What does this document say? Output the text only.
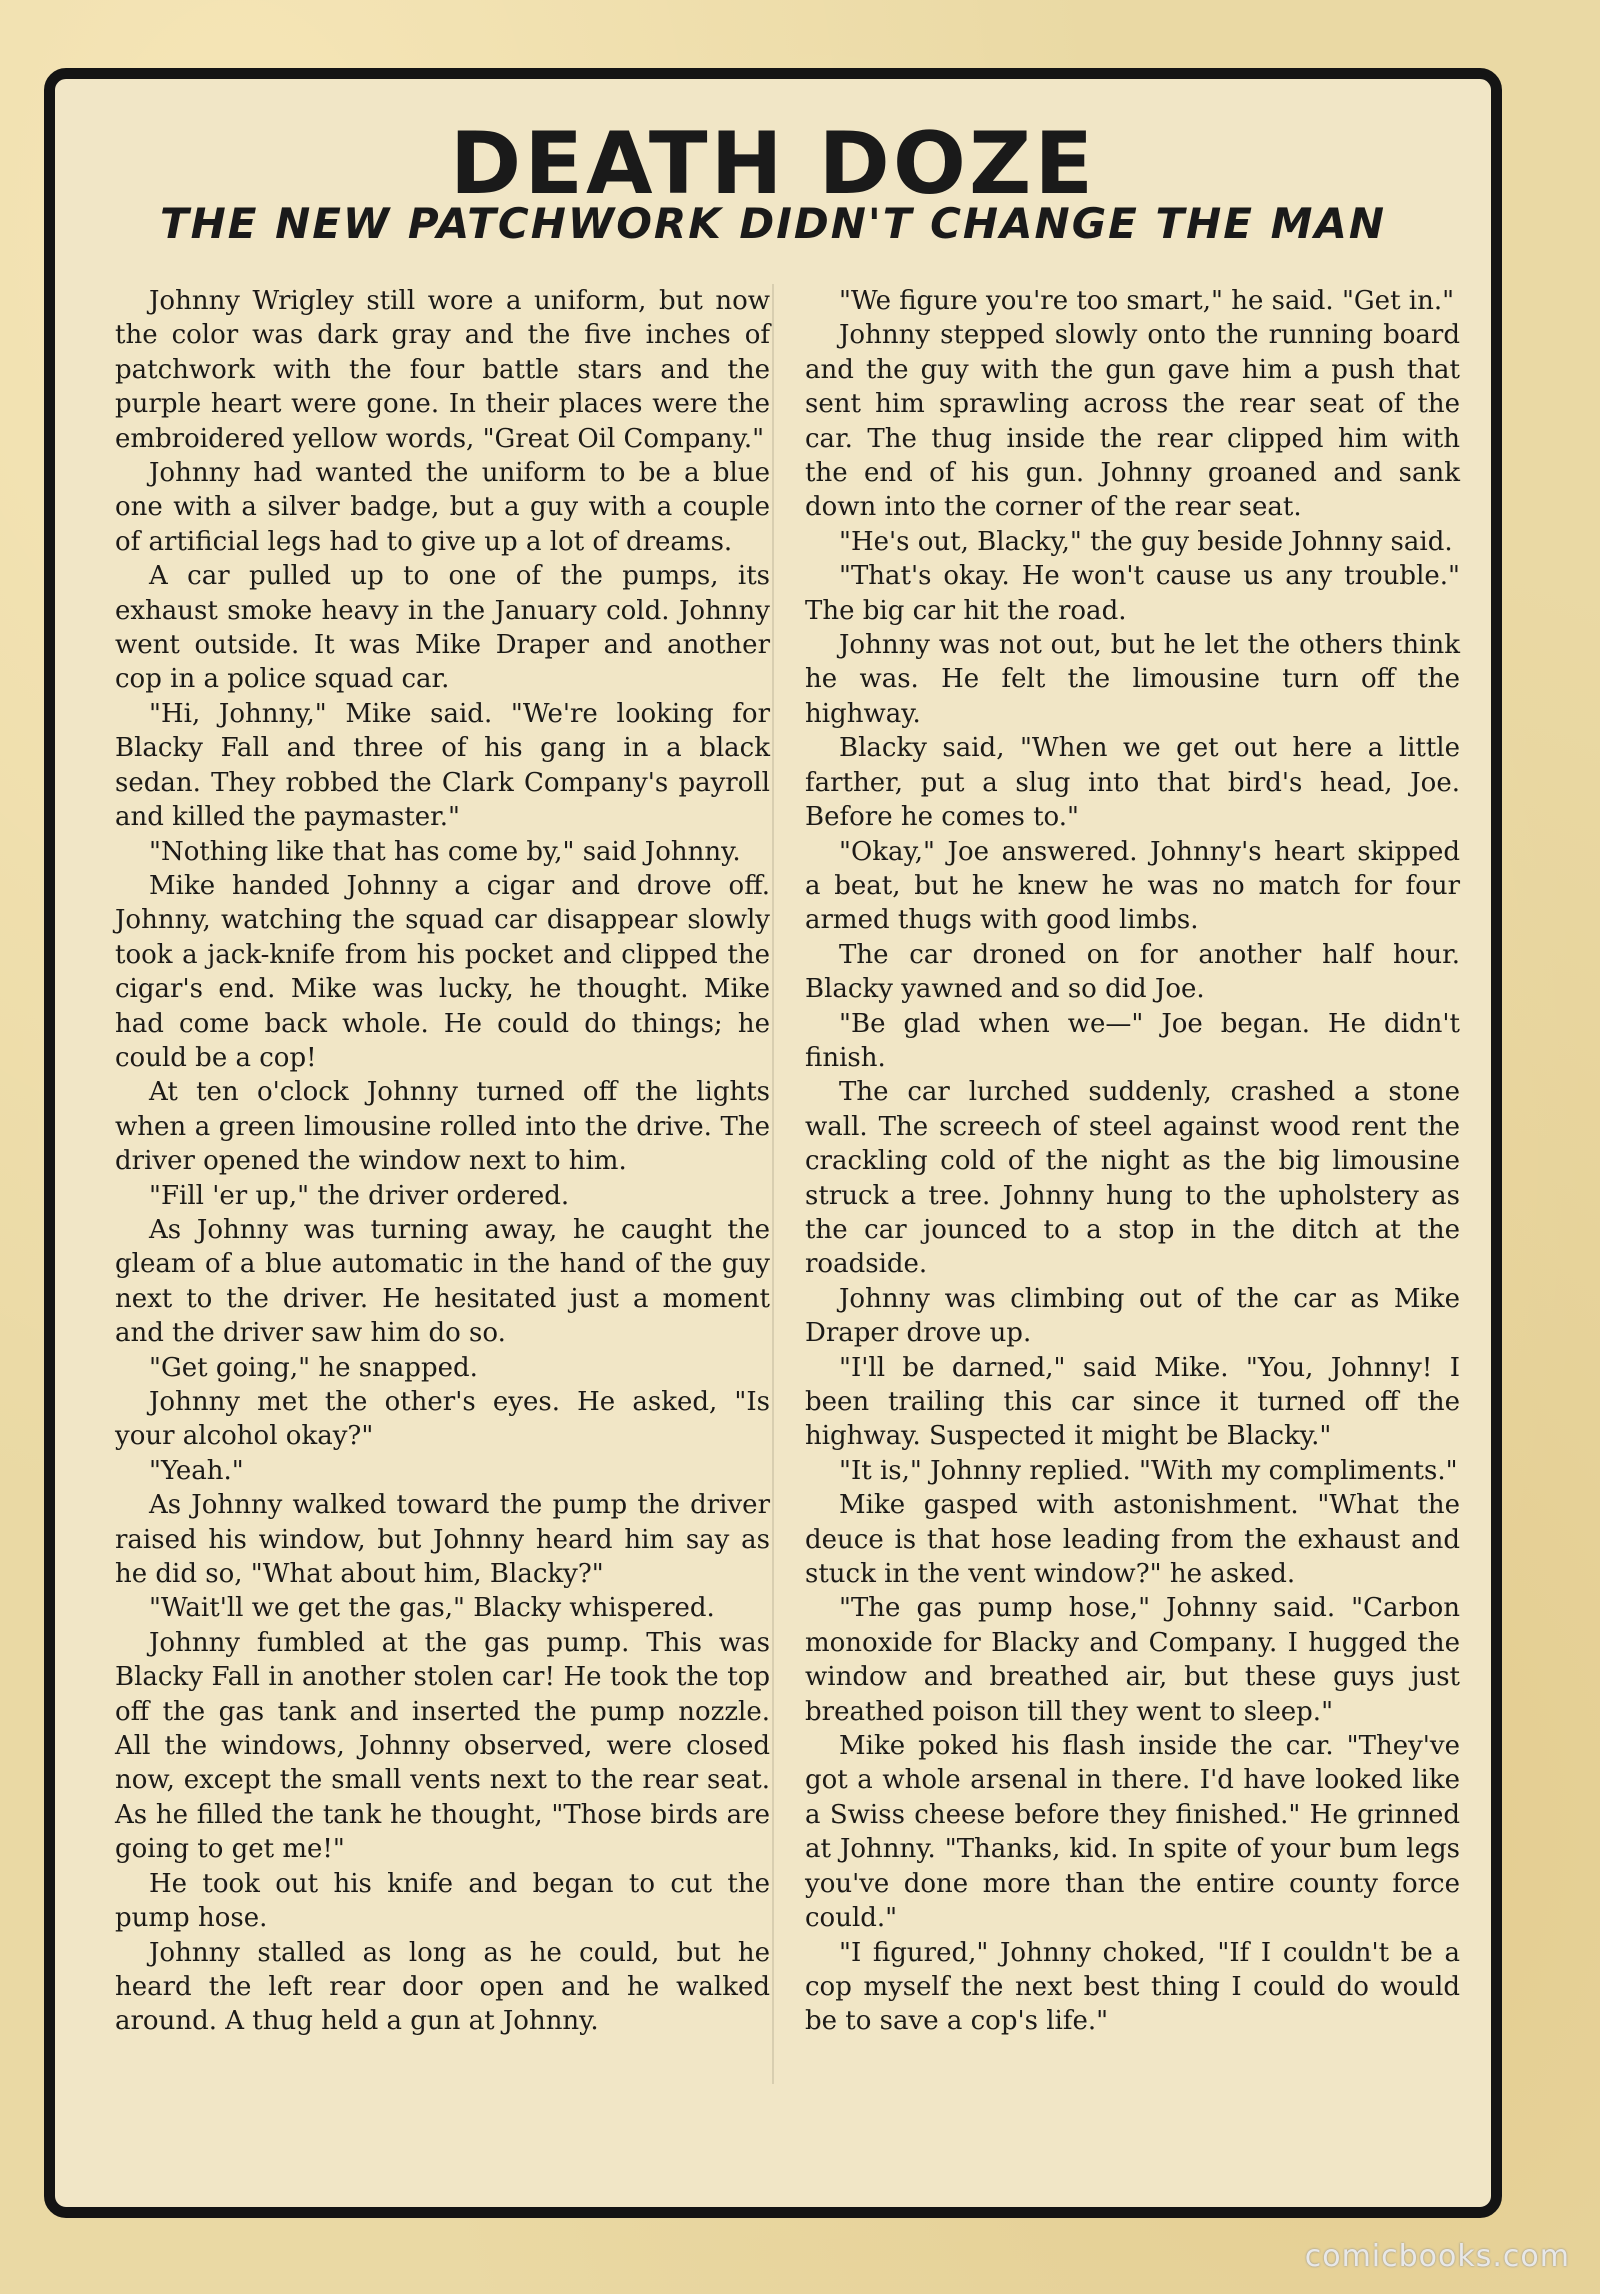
DEATH DOZE
THE NEW PATCHWORK DIDN'T CHANGE THE MAN

Johnny Wrigley still wore a uniform, but now the color was dark gray and the five inches of patchwork with the four battle stars and the purple heart were gone. In their places were the embroidered yellow words, "Great Oil Company."

Johnny had wanted the uniform to be a blue one with a silver badge, but a guy with a couple of artificial legs had to give up a lot of dreams.

A car pulled up to one of the pumps, its exhaust smoke heavy in the January cold. Johnny went outside. It was Mike Draper and another cop in a police squad car.

"Hi, Johnny," Mike said. "We're looking for Blacky Fall and three of his gang in a black sedan. They robbed the Clark Company's payroll and killed the paymaster."

"Nothing like that has come by," said Johnny.

Mike handed Johnny a cigar and drove off. Johnny, watching the squad car disappear slowly took a jack-knife from his pocket and clipped the cigar's end. Mike was lucky, he thought. Mike had come back whole. He could do things; he could be a cop!

At ten o'clock Johnny turned off the lights when a green limousine rolled into the drive. The driver opened the window next to him.

"Fill 'er up," the driver ordered.

As Johnny was turning away, he caught the gleam of a blue automatic in the hand of the guy next to the driver. He hesitated just a moment and the driver saw him do so.

"Get going," he snapped.

Johnny met the other's eyes. He asked, "Is your alcohol okay?"

"Yeah."

As Johnny walked toward the pump the driver raised his window, but Johnny heard him say as he did so, "What about him, Blacky?"

"Wait'll we get the gas," Blacky whispered.

Johnny fumbled at the gas pump. This was Blacky Fall in another stolen car! He took the top off the gas tank and inserted the pump nozzle. All the windows, Johnny observed, were closed now, except the small vents next to the rear seat. As he filled the tank he thought, "Those birds are going to get me!"

He took out his knife and began to cut the pump hose.

Johnny stalled as long as he could, but he heard the left rear door open and he walked around. A thug held a gun at Johnny.

"We figure you're too smart," he said. "Get in."

Johnny stepped slowly onto the running board and the guy with the gun gave him a push that sent him sprawling across the rear seat of the car. The thug inside the rear clipped him with the end of his gun. Johnny groaned and sank down into the corner of the rear seat.

"He's out, Blacky," the guy beside Johnny said.

"That's okay. He won't cause us any trouble." The big car hit the road.

Johnny was not out, but he let the others think he was. He felt the limousine turn off the highway.

Blacky said, "When we get out here a little farther, put a slug into that bird's head, Joe. Before he comes to."

"Okay," Joe answered. Johnny's heart skipped a beat, but he knew he was no match for four armed thugs with good limbs.

The car droned on for another half hour. Blacky yawned and so did Joe.

"Be glad when we—" Joe began. He didn't finish.

The car lurched suddenly, crashed a stone wall. The screech of steel against wood rent the crackling cold of the night as the big limousine struck a tree. Johnny hung to the upholstery as the car jounced to a stop in the ditch at the roadside.

Johnny was climbing out of the car as Mike Draper drove up.

"I'll be darned," said Mike. "You, Johnny! I been trailing this car since it turned off the highway. Suspected it might be Blacky."

"It is," Johnny replied. "With my compliments."

Mike gasped with astonishment. "What the deuce is that hose leading from the exhaust and stuck in the vent window?" he asked.

"The gas pump hose," Johnny said. "Carbon monoxide for Blacky and Company. I hugged the window and breathed air, but these guys just breathed poison till they went to sleep."

Mike poked his flash inside the car. "They've got a whole arsenal in there. I'd have looked like a Swiss cheese before they finished." He grinned at Johnny. "Thanks, kid. In spite of your bum legs you've done more than the entire county force could."

"I figured," Johnny choked, "If I couldn't be a cop myself the next best thing I could do would be to save a cop's life."

comicbooks.com
